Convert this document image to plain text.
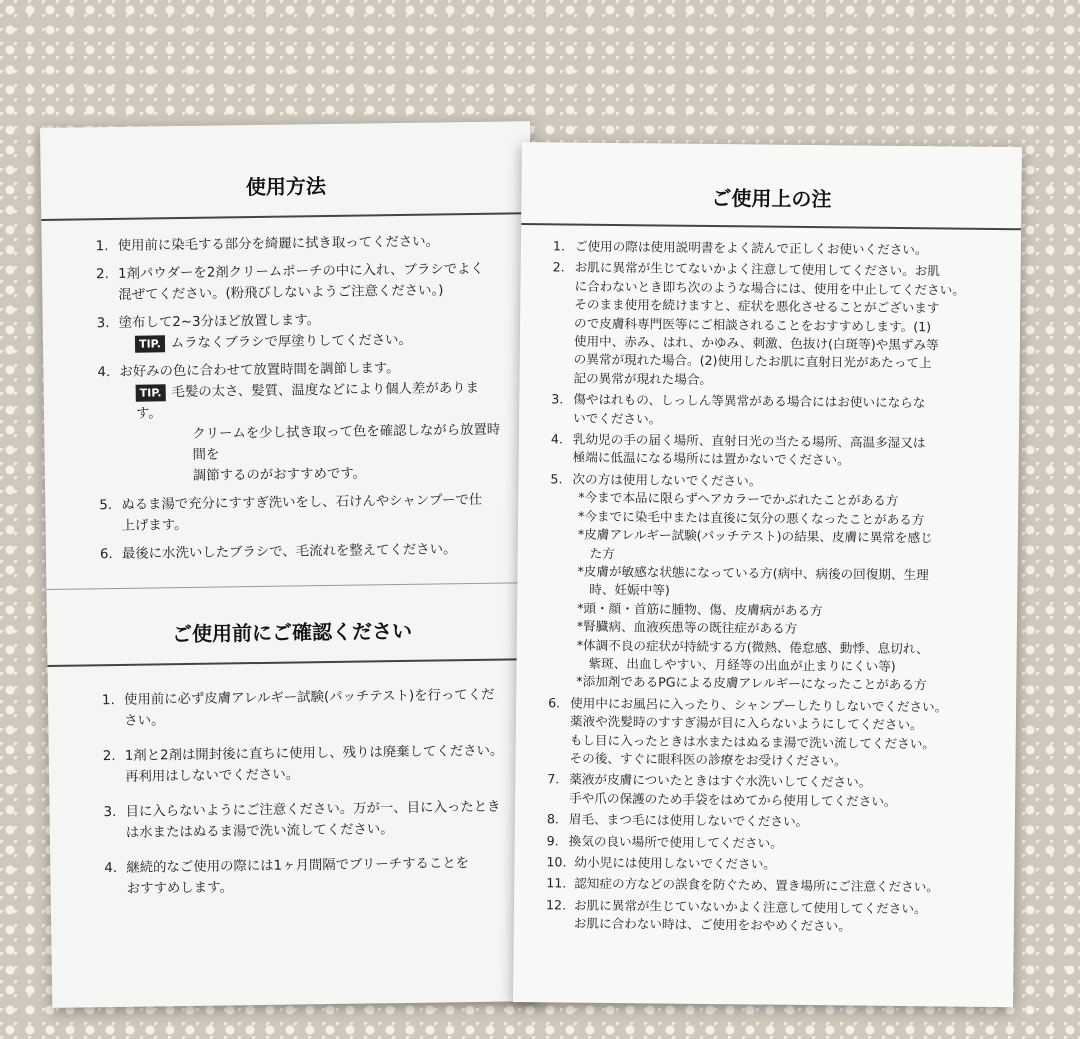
使用方法
1. 使用前に染毛する部分を綺麗に拭き取ってください。
2. 1剤パウダーを2剤クリームポーチの中に入れ、ブラシでよく
混ぜてください。(粉飛びしないようご注意ください。)
3. 塗布して2~3分ほど放置します。
TIP. ムラなくブラシで厚塗りしてください。
4. お好みの色に合わせて放置時間を調節します。
TIP. 毛髪の太さ、髪質、温度などにより個人差があります。
クリームを少し拭き取って色を確認しながら放置時間を
調節するのがおすすめです。
5. ぬるま湯で充分にすすぎ洗いをし、石けんやシャンプーで仕
上げます。
6. 最後に水洗いしたブラシで、毛流れを整えてください。
ご使用前にご確認ください
1. 使用前に必ず皮膚アレルギー試験(パッチテスト)を行ってくだ
さい。
2. 1剤と2剤は開封後に直ちに使用し、残りは廃棄してください。
再利用はしないでください。
3. 目に入らないようにご注意ください。万が一、目に入ったとき
は水またはぬるま湯で洗い流してください。
4. 継続的なご使用の際には1ヶ月間隔でブリーチすることを
おすすめします。
ご使用上の注
1. ご使用の際は使用説明書をよく読んで正しくお使いください。
2. お肌に異常が生じてないかよく注意して使用してください。お肌
に合わないとき即ち次のような場合には、使用を中止してください。
そのまま使用を続けますと、症状を悪化させることがございます
ので皮膚科専門医等にご相談されることをおすすめします。(1)
使用中、赤み、はれ、かゆみ、刺激、色抜け(白斑等)や黒ずみ等
の異常が現れた場合。(2)使用したお肌に直射日光があたって上
記の異常が現れた場合。
3. 傷やはれもの、しっしん等異常がある場合にはお使いにならな
いでください。
4. 乳幼児の手の届く場所、直射日光の当たる場所、高温多湿又は
極端に低温になる場所には置かないでください。
5. 次の方は使用しないでください。
*今まで本品に限らずヘアカラーでかぶれたことがある方
*今までに染毛中または直後に気分の悪くなったことがある方
*皮膚アレルギー試験(パッチテスト)の結果、皮膚に異常を感じ
た方
*皮膚が敏感な状態になっている方(病中、病後の回復期、生理
時、妊娠中等)
*頭・顔・首筋に腫物、傷、皮膚病がある方
*腎臓病、血液疾患等の既往症がある方
*体調不良の症状が持続する方(微熱、倦怠感、動悸、息切れ、
紫斑、出血しやすい、月経等の出血が止まりにくい等)
*添加剤であるPGによる皮膚アレルギーになったことがある方
6. 使用中にお風呂に入ったり、シャンプーしたりしないでください。
薬液や洗髪時のすすぎ湯が目に入らないようにしてください。
もし目に入ったときは水またはぬるま湯で洗い流してください。
その後、すぐに眼科医の診療をお受けください。
7. 薬液が皮膚についたときはすぐ水洗いしてください。
手や爪の保護のため手袋をはめてから使用してください。
8. 眉毛、まつ毛には使用しないでください。
9. 換気の良い場所で使用してください。
10. 幼小児には使用しないでください。
11. 認知症の方などの誤食を防ぐため、置き場所にご注意ください。
12. お肌に異常が生じていないかよく注意して使用してください。
お肌に合わない時は、ご使用をおやめください。
